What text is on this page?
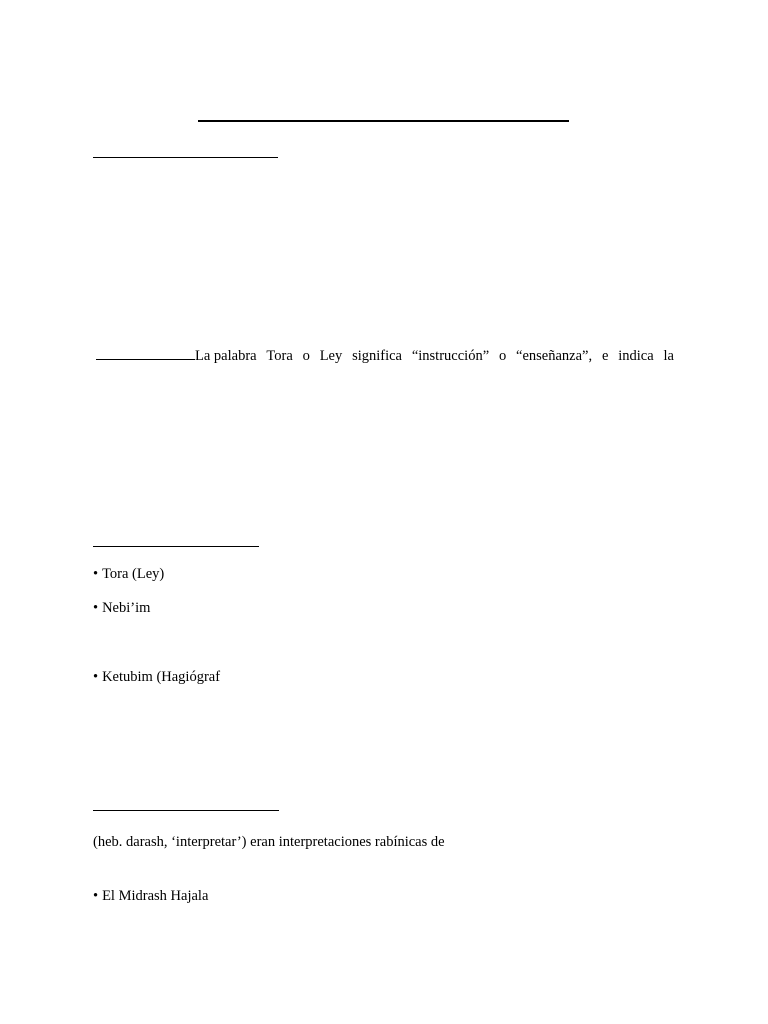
La palabra Tora o Ley significa “instrucción” o “enseñanza”, e indica la
• Tora (Ley)
• Nebi’im
• Ketubim (Hagiógraf
(heb. darash, ‘interpretar’) eran interpretaciones rabínicas de
• El Midrash Hajala
